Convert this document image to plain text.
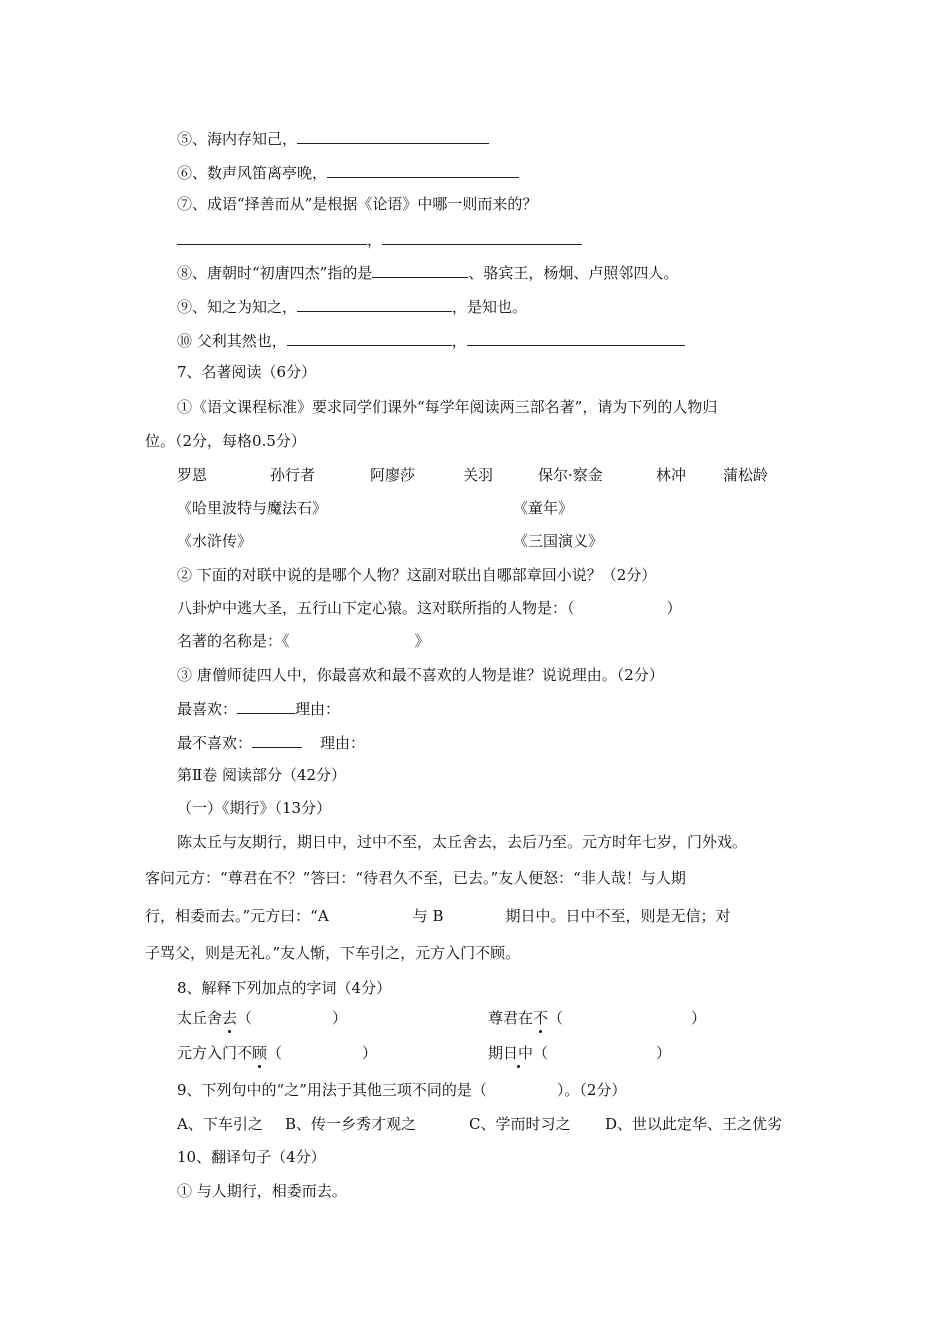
⑤、海内存知己，
⑥、数声风笛离亭晚，
⑦、成语“择善而从”是根据《论语》中哪一则而来的？
，
⑧、唐朝时“初唐四杰”指的是	、骆宾王，杨炯、卢照邻四人。
⑨、知之为知之，	，是知也。
⑩ 父利其然也，	，
7、名著阅读（6分）
①《语文课程标准》要求同学们课外“每学年阅读两三部名著”，请为下列的人物归
位。（2分，每格0.5分）
罗恩	孙行者	阿廖莎	关羽	保尔·察金	林冲 蒲松龄
《哈里波特与魔法石》	《童年》
《水浒传》	《三国演义》
② 下面的对联中说的是哪个人物？这副对联出自哪部章回小说？（2分）
八卦炉中逃大圣，五行山下定心猿。这对联所指的人物是：（	）
名著的名称是：《	》
③ 唐僧师徒四人中，你最喜欢和最不喜欢的人物是谁？说说理由。（2分）
最喜欢：	理由：
最不喜欢：	理由：
第Ⅱ卷 阅读部分（42分）
（一）《期行》（13分）
陈太丘与友期行，期日中，过中不至，太丘舍去，去后乃至。元方时年七岁，门外戏。
客问元方：“尊君在不？”答曰：“待君久不至，已去。”友人便怒：“非人哉！与人期
行，相委而去。”元方曰：“A	与 B	期日中。日中不至，则是无信；对
子骂父，则是无礼。”友人惭，下车引之，元方入门不顾。
8、解释下列加点的字词（4分）
太丘舍去（	）	尊君在不（	）
元方入门不顾（	）	期日中（	）
9、下列句中的“之”用法于其他三项不同的是（	）。（2分）
A、下车引之 B、传一乡秀才观之	C、学而时习之 D、世以此定华、王之优劣
10、翻译句子（4分）
① 与人期行，相委而去。
